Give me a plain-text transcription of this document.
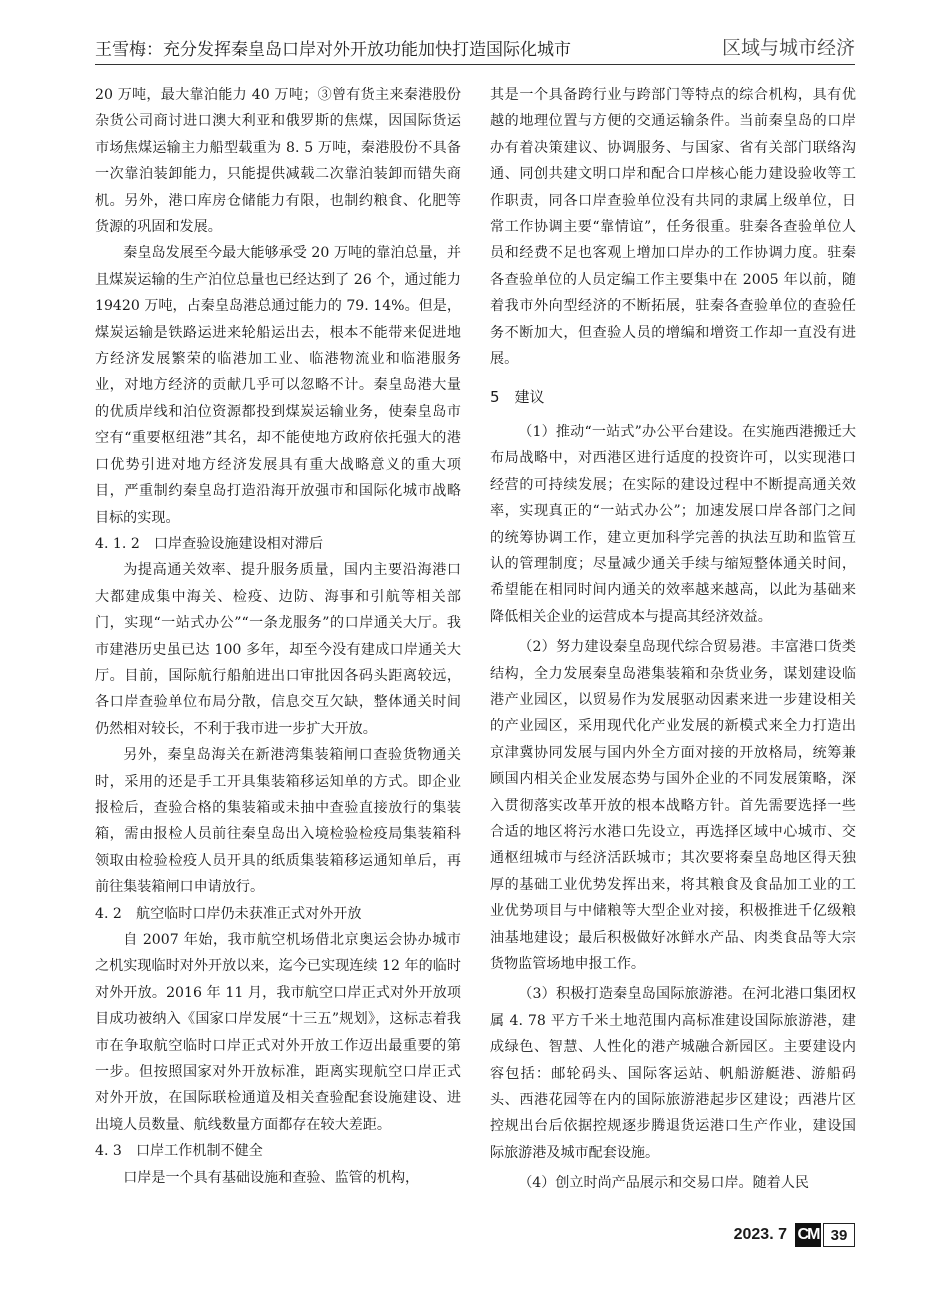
王雪梅：充分发挥秦皇岛口岸对外开放功能加快打造国际化城市	区域与城市经济

20 万吨，最大靠泊能力 40 万吨；③曾有货主来秦港股份杂货公司商讨进口澳大利亚和俄罗斯的焦煤，因国际货运市场焦煤运输主力船型载重为 8. 5 万吨，秦港股份不具备一次靠泊装卸能力，只能提供减载二次靠泊装卸而错失商机。另外，港口库房仓储能力有限，也制约粮食、化肥等货源的巩固和发展。

秦皇岛发展至今最大能够承受 20 万吨的靠泊总量，并且煤炭运输的生产泊位总量也已经达到了 26 个，通过能力 19420 万吨，占秦皇岛港总通过能力的 79. 14%。但是，煤炭运输是铁路运进来轮船运出去，根本不能带来促进地方经济发展繁荣的临港加工业、临港物流业和临港服务业，对地方经济的贡献几乎可以忽略不计。秦皇岛港大量的优质岸线和泊位资源都投到煤炭运输业务，使秦皇岛市空有“重要枢纽港”其名，却不能使地方政府依托强大的港口优势引进对地方经济发展具有重大战略意义的重大项目，严重制约秦皇岛打造沿海开放强市和国际化城市战略目标的实现。

4. 1. 2　口岸查验设施建设相对滞后

为提高通关效率、提升服务质量，国内主要沿海港口大都建成集中海关、检疫、边防、海事和引航等相关部门，实现“一站式办公”“一条龙服务”的口岸通关大厅。我市建港历史虽已达 100 多年，却至今没有建成口岸通关大厅。目前，国际航行船舶进出口审批因各码头距离较远，各口岸查验单位布局分散，信息交互欠缺，整体通关时间仍然相对较长，不利于我市进一步扩大开放。

另外，秦皇岛海关在新港湾集装箱闸口查验货物通关时，采用的还是手工开具集装箱移运知单的方式。即企业报检后，查验合格的集装箱或未抽中查验直接放行的集装箱，需由报检人员前往秦皇岛出入境检验检疫局集装箱科领取由检验检疫人员开具的纸质集装箱移运通知单后，再前往集装箱闸口申请放行。

4. 2　航空临时口岸仍未获准正式对外开放

自 2007 年始，我市航空机场借北京奥运会协办城市之机实现临时对外开放以来，迄今已实现连续 12 年的临时对外开放。2016 年 11 月，我市航空口岸正式对外开放项目成功被纳入《国家口岸发展“十三五”规划》，这标志着我市在争取航空临时口岸正式对外开放工作迈出最重要的第一步。但按照国家对外开放标准，距离实现航空口岸正式对外开放，在国际联检通道及相关查验配套设施建设、进出境人员数量、航线数量方面都存在较大差距。

4. 3　口岸工作机制不健全

口岸是一个具有基础设施和查验、监管的机构，

其是一个具备跨行业与跨部门等特点的综合机构，具有优越的地理位置与方便的交通运输条件。当前秦皇岛的口岸办有着决策建议、协调服务、与国家、省有关部门联络沟通、同创共建文明口岸和配合口岸核心能力建设验收等工作职责，同各口岸查验单位没有共同的隶属上级单位，日常工作协调主要“靠情谊”，任务很重。驻秦各查验单位人员和经费不足也客观上增加口岸办的工作协调力度。驻秦各查验单位的人员定编工作主要集中在 2005 年以前，随着我市外向型经济的不断拓展，驻秦各查验单位的查验任务不断加大，但查验人员的增编和增资工作却一直没有进展。

5　建议

（1）推动“一站式”办公平台建设。在实施西港搬迁大布局战略中，对西港区进行适度的投资许可，以实现港口经营的可持续发展；在实际的建设过程中不断提高通关效率，实现真正的“一站式办公”；加速发展口岸各部门之间的统筹协调工作，建立更加科学完善的执法互助和监管互认的管理制度；尽量减少通关手续与缩短整体通关时间，希望能在相同时间内通关的效率越来越高，以此为基础来降低相关企业的运营成本与提高其经济效益。

（2）努力建设秦皇岛现代综合贸易港。丰富港口货类结构，全力发展秦皇岛港集装箱和杂货业务，谋划建设临港产业园区，以贸易作为发展驱动因素来进一步建设相关的产业园区，采用现代化产业发展的新模式来全力打造出京津冀协同发展与国内外全方面对接的开放格局，统筹兼顾国内相关企业发展态势与国外企业的不同发展策略，深入贯彻落实改革开放的根本战略方针。首先需要选择一些合适的地区将污水港口先设立，再选择区域中心城市、交通枢纽城市与经济活跃城市；其次要将秦皇岛地区得天独厚的基础工业优势发挥出来，将其粮食及食品加工业的工业优势项目与中储粮等大型企业对接，积极推进千亿级粮油基地建设；最后积极做好冰鲜水产品、肉类食品等大宗货物监管场地申报工作。

（3）积极打造秦皇岛国际旅游港。在河北港口集团权属 4. 78 平方千米土地范围内高标准建设国际旅游港，建成绿色、智慧、人性化的港产城融合新园区。主要建设内容包括：邮轮码头、国际客运站、帆船游艇港、游船码头、西港花园等在内的国际旅游港起步区建设；西港片区控规出台后依据控规逐步腾退货运港口生产作业，建设国际旅游港及城市配套设施。

（4）创立时尚产品展示和交易口岸。随着人民

2023. 7 CM 39
